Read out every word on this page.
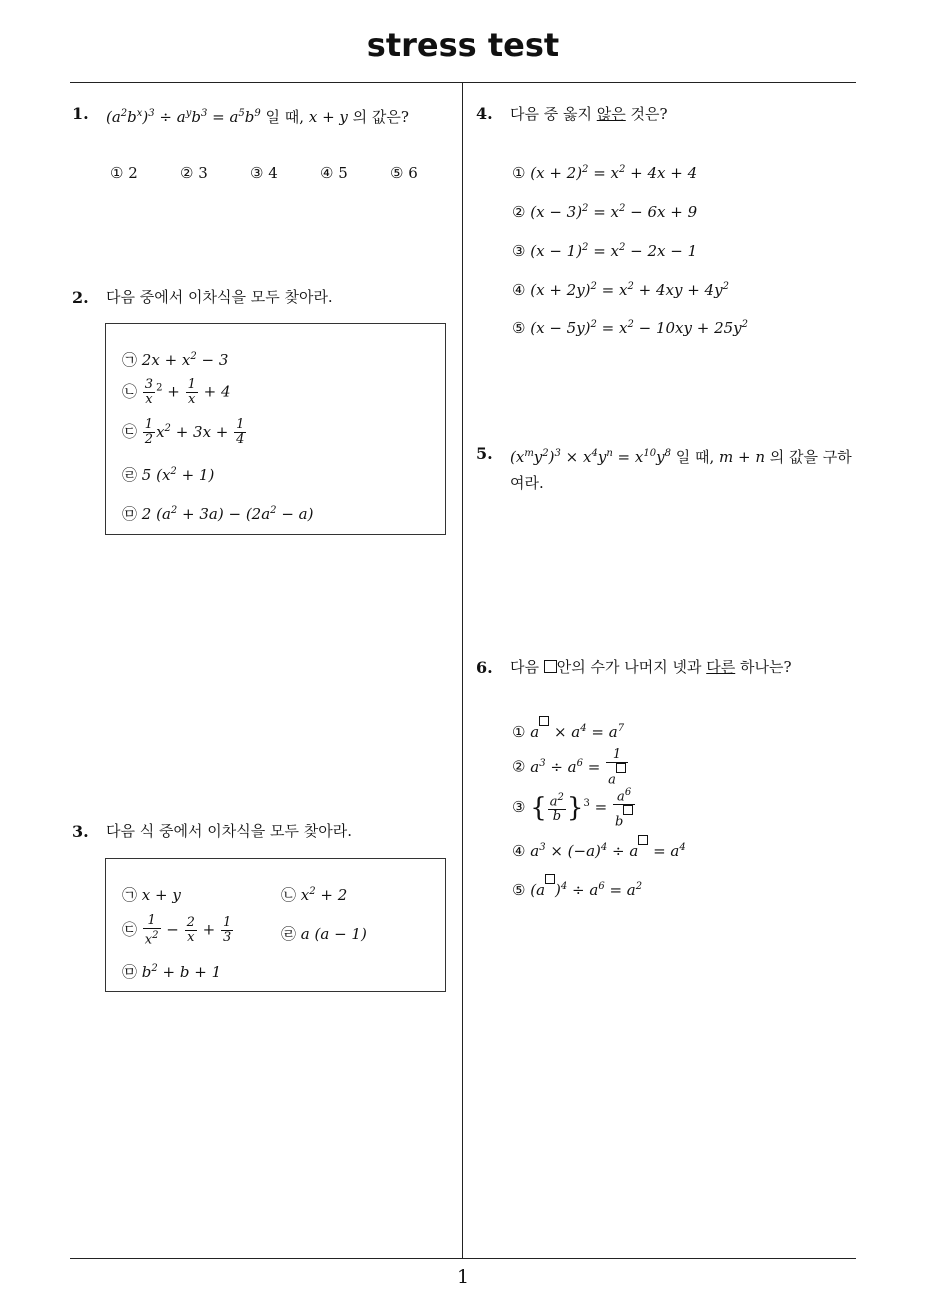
stress test
1
1. $(a^2b^x)^3 \div a^yb^3 = a^5b^9$ 일 때, x + y 의 값은?
① 2	② 3	③ 4	④ 5	⑤ 6
2. 다음 중에서 이차식을 모두 찾아라.
㉠ $2x + x^2 - 3$
㉡ $\frac{3}{x} ^2 + \frac{1}{x} + 4$
㉢ $\frac{1}{2} x^2 + 3x + \frac{1}{4}$
㉣ 5 $(x^2 + 1)$
㉤ 2 $(a^2 + 3a) - (2a^2 - a)$
3. 다음 식 중에서 이차식을 모두 찾아라.
㉠ x + y	㉡ $x^2 + 2$
㉢ $\frac{1}{x^2} - \frac{2}{x} + \frac{1}{3}$	㉣ a (a − 1)
㉤ $b^2 + b + 1$
4. 다음 중 옳지 않은 것은?
① $(x + 2)^2 = x^2 + 4x + 4$
② $(x - 3)^2 = x^2 - 6x + 9$
③ $(x - 1)^2 = x^2 - 2x - 1$
④ $(x + 2y)^2 = x^2 + 4xy + 4y^2$
⑤ $(x - 5y)^2 = x^2 - 10xy + 25y^2$
5. $(x^my^2)^3 \times x^4y^n = x^{10}y^8$ 일 때, m + n 의 값을 구하
여라.
6. 다음 안의 수가 나머지 넷과 다른 하나는?
① $a \times a^4 = a^7$
② $a^3 \div a^6 = \frac{1}{a}$
③ { $\frac{a^2}{b} \}^3 = \frac{a^6}{b}$
④ $a^3 \times (-a)^4 \div a = a^4$
⑤ (a )$^4 \div a^6 = a^2$
